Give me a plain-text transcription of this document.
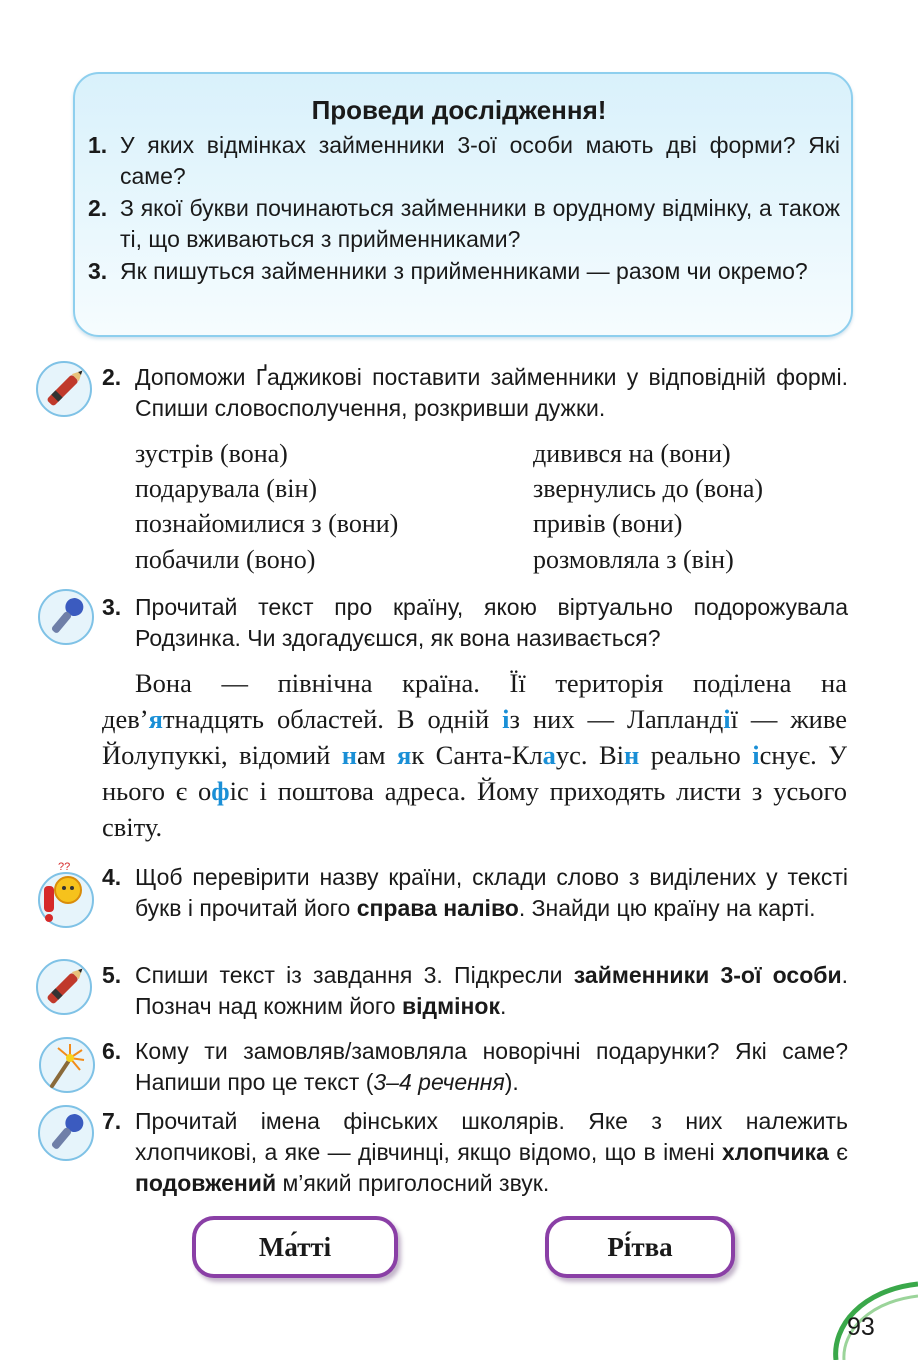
Проведи дослідження!
1. У яких відмінках займенники 3-ої особи мають дві форми? Які саме?
2. З якої букви починаються займенники в орудному відмінку, а також ті, що вживаються з прийменниками?
3. Як пишуться займенники з прийменниками — разом чи окремо?
2. Допоможи Ґаджикові поставити займенники у відповідній формі. Спиши словосполучення, розкривши дужки.
зустрів (вона)
подарувала (він)
познайомилися з (вони)
побачили (воно)
дивився на (вони)
звернулись до (вона)
привів (вони)
розмовляла з (він)
3. Прочитай текст про країну, якою віртуально подорожувала Родзинка. Чи здогадуєшся, як вона називається?
Вона — північна країна. Її територія поділена на дев’ятнадцять областей. В одній із них — Лапландії — живе Йолупуккі, відомий нам як Санта-Клаус. Він реально існує. У нього є офіс і поштова адреса. Йому приходять листи з усього світу.
?? 4. Щоб перевірити назву країни, склади слово з виділених у тексті букв і прочитай його справа наліво. Знайди цю країну на карті.
5. Спиши текст із завдання 3. Підкресли займенники 3-ої особи. Познач над кожним його відмінок.
6. Кому ти замовляв/замовляла новорічні подарунки? Які саме? Напиши про це текст (3–4 речення).
7. Прочитай імена фінських школярів. Яке з них належить хлопчикові, а яке — дівчинці, якщо відомо, що в імені хлопчика є подовжений м’який приголосний звук.
Ма́тті	Рі́тва
93
